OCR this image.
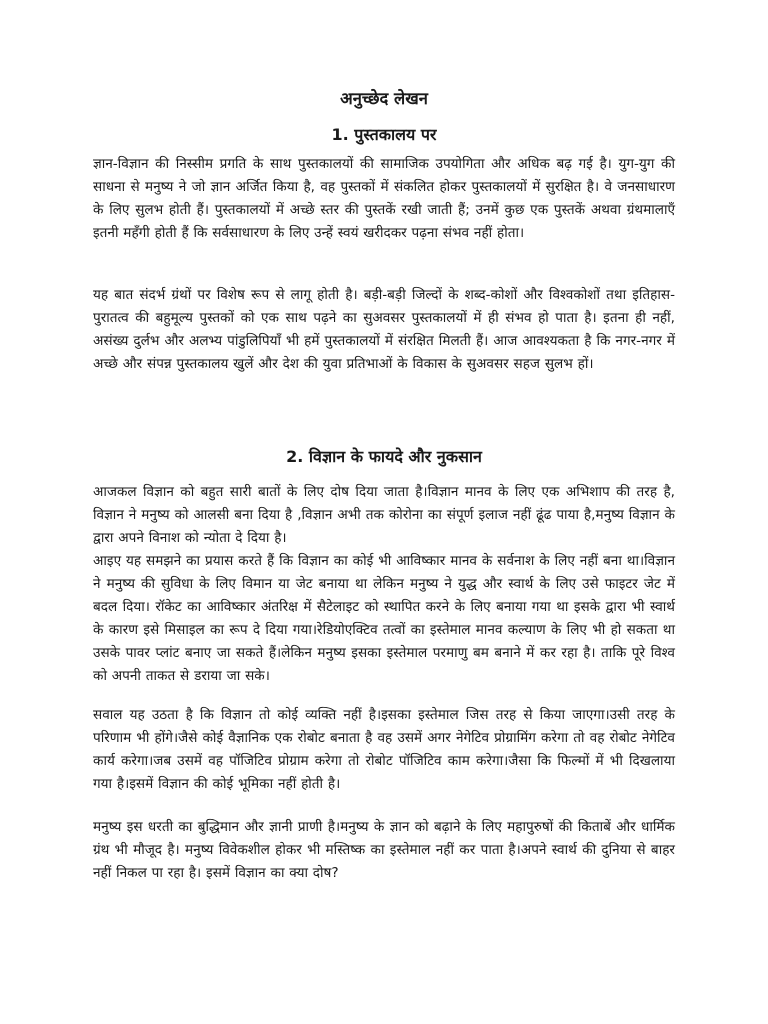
अनुच्छेद लेखन
1. पुस्तकालय पर

ज्ञान-विज्ञान की निस्सीम प्रगति के साथ पुस्तकालयों की सामाजिक उपयोगिता और अधिक बढ़ गई है। युग-युग की साधना से मनुष्य ने जो ज्ञान अर्जित किया है, वह पुस्तकों में संकलित होकर पुस्तकालयों में सुरक्षित है। वे जनसाधारण के लिए सुलभ होती हैं। पुस्तकालयों में अच्छे स्तर की पुस्तकें रखी जाती हैं; उनमें कुछ एक पुस्तकें अथवा ग्रंथमालाएँ इतनी महँगी होती हैं कि सर्वसाधारण के लिए उन्हें स्वयं खरीदकर पढ़ना संभव नहीं होता।

यह बात संदर्भ ग्रंथों पर विशेष रूप से लागू होती है। बड़ी-बड़ी जिल्दों के शब्द-कोशों और विश्वकोशों तथा इतिहास-पुरातत्व की बहुमूल्य पुस्तकों को एक साथ पढ़ने का सुअवसर पुस्तकालयों में ही संभव हो पाता है। इतना ही नहीं, असंख्य दुर्लभ और अलभ्य पांडुलिपियाँ भी हमें पुस्तकालयों में संरक्षित मिलती हैं। आज आवश्यकता है कि नगर-नगर में अच्छे और संपन्न पुस्तकालय खुलें और देश की युवा प्रतिभाओं के विकास के सुअवसर सहज सुलभ हों।

2. विज्ञान के फायदे और नुकसान

आजकल विज्ञान को बहुत सारी बातों के लिए दोष दिया जाता है।विज्ञान मानव के लिए एक अभिशाप की तरह है, विज्ञान ने मनुष्य को आलसी बना दिया है ,विज्ञान अभी तक कोरोना का संपूर्ण इलाज नहीं ढूंढ पाया है,मनुष्य विज्ञान के द्वारा अपने विनाश को न्योता दे दिया है।

आइए यह समझने का प्रयास करते हैं कि विज्ञान का कोई भी आविष्कार मानव के सर्वनाश के लिए नहीं बना था।विज्ञान ने मनुष्य की सुविधा के लिए विमान या जेट बनाया था लेकिन मनुष्य ने युद्ध और स्वार्थ के लिए उसे फाइटर जेट में बदल दिया। रॉकेट का आविष्कार अंतरिक्ष में सैटेलाइट को स्थापित करने के लिए बनाया गया था इसके द्वारा भी स्वार्थ के कारण इसे मिसाइल का रूप दे दिया गया।रेडियोएक्टिव तत्वों का इस्तेमाल मानव कल्याण के लिए भी हो सकता था उसके पावर प्लांट बनाए जा सकते हैं।लेकिन मनुष्य इसका इस्तेमाल परमाणु बम बनाने में कर रहा है। ताकि पूरे विश्व को अपनी ताकत से डराया जा सके।

सवाल यह उठता है कि विज्ञान तो कोई व्यक्ति नहीं है।इसका इस्तेमाल जिस तरह से किया जाएगा।उसी तरह के परिणाम भी होंगे।जैसे कोई वैज्ञानिक एक रोबोट बनाता है वह उसमें अगर नेगेटिव प्रोग्रामिंग करेगा तो वह रोबोट नेगेटिव कार्य करेगा।जब उसमें वह पॉजिटिव प्रोग्राम करेगा तो रोबोट पॉजिटिव काम करेगा।जैसा कि फिल्मों में भी दिखलाया गया है।इसमें विज्ञान की कोई भूमिका नहीं होती है।

मनुष्य इस धरती का बुद्धिमान और ज्ञानी प्राणी है।मनुष्य के ज्ञान को बढ़ाने के लिए महापुरुषों की किताबें और धार्मिक ग्रंथ भी मौजूद है। मनुष्य विवेकशील होकर भी मस्तिष्क का इस्तेमाल नहीं कर पाता है।अपने स्वार्थ की दुनिया से बाहर नहीं निकल पा रहा है। इसमें विज्ञान का क्या दोष?
